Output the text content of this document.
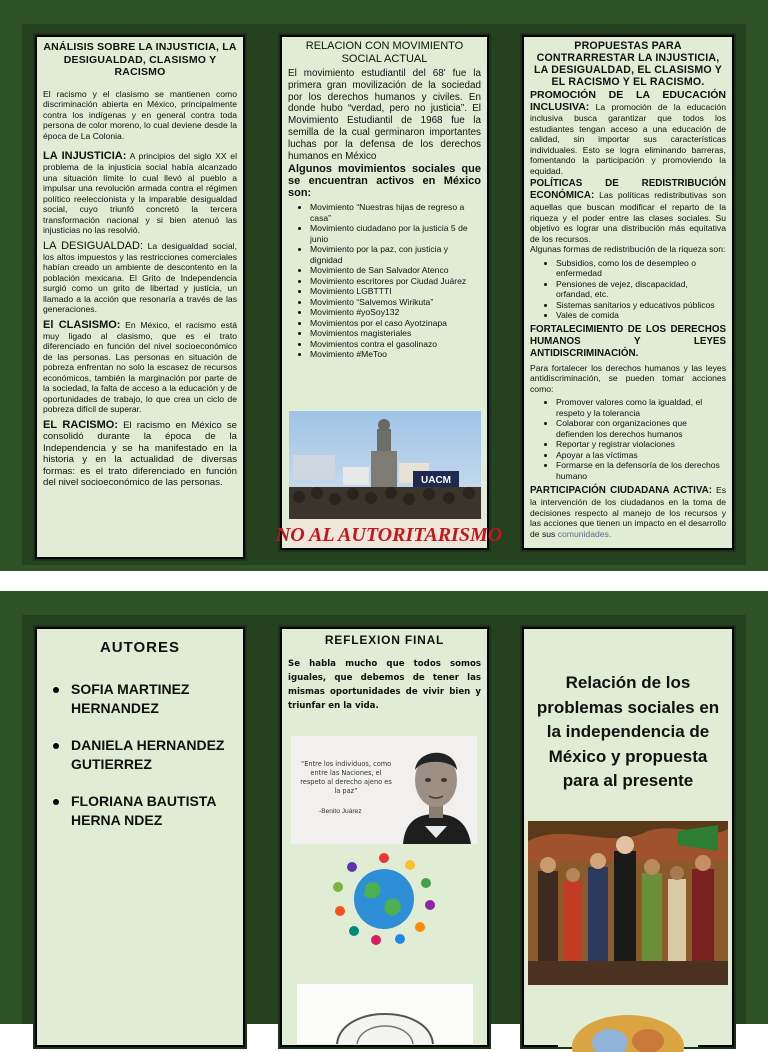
ANÁLISIS SOBRE LA INJUSTICIA, LA DESIGUALDAD, CLASISMO Y RACISMO

El racismo y el clasismo se mantienen como discriminación abierta en México, principalmente contra los indígenas y en general contra toda persona de color moreno, lo cual deviene desde la época de La Colonia.

LA INJUSTICIA: A principios del siglo XX el problema de la injusticia social había alcanzado una situación límite lo cual llevó al pueblo a impulsar una revolución armada contra el régimen político reeleccionista y la imparable desigualdad social, cuyo triunfó concretó la tercera transformación nacional y si bien atenuó las injusticias no las resolvió.

LA DESIGUALDAD: La desigualdad social, los altos impuestos y las restricciones comerciales habían creado un ambiente de descontento en la población mexicana. El Grito de Independencia surgió como un grito de libertad y justicia, un llamado a la acción que resonaría a través de las generaciones.

El CLASISMO: En México, el racismo está muy ligado al clasismo, que es el trato diferenciado en función del nivel socioeconómico de las personas. Las personas en situación de pobreza enfrentan no solo la escasez de recursos económicos, también la marginación por parte de la sociedad, la falta de acceso a la educación y de oportunidades de trabajo, lo que crea un ciclo de pobreza difícil de superar.

EL RACISMO: El racismo en México se consolidó durante la época de la Independencia y se ha manifestado en la historia y en la actualidad de diversas formas: es el trato diferenciado en función del nivel socioeconómico de las personas.

RELACION CON MOVIMIENTO SOCIAL ACTUAL

El movimiento estudiantil del 68' fue la primera gran movilización de la sociedad por los derechos humanos y civiles. En donde hubo “verdad, pero no justicia”. El Movimiento Estudiantil de 1968 fue la semilla de la cual germinaron importantes luchas por la defensa de los derechos humanos en México

Algunos movimientos sociales que se encuentran activos en México son:

• Movimiento “Nuestras hijas de regreso a casa”
• Movimiento ciudadano por la justicia 5 de junio
• Movimiento por la paz, con justicia y dignidad
• Movimiento de San Salvador Atenco
• Movimiento escritores por Ciudad Juárez
• Movimiento LGBTTTI
• Movimiento “Salvemos Wirikuta”
• Movimiento #yoSoy132
• Movimientos por el caso Ayotzinapa
• Movimientos magisteriales
• Movimientos contra el gasolinazo
• Movimiento #MeToo
UACM
NO AL AUTORITARISMO
PROPUESTAS PARA CONTRARRESTAR LA INJUSTICIA, LA DESIGUALDAD, EL CLASISMO Y EL RACISMO Y EL RACISMO.

PROMOCIÓN DE LA EDUCACIÓN INCLUSIVA: La promoción de la educación inclusiva busca garantizar que todos los estudiantes tengan acceso a una educación de calidad, sin importar sus características individuales. Esto se logra eliminando barreras, fomentando la participación y promoviendo la equidad.

POLÍTICAS DE REDISTRIBUCIÓN ECONÓMICA: Las políticas redistributivas son aquellas que buscan modificar el reparto de la riqueza y el poder entre las clases sociales. Su objetivo es lograr una distribución más equitativa de los recursos.

Algunas formas de redistribución de la riqueza son:

• Subsidios, como los de desempleo o enfermedad
• Pensiones de vejez, discapacidad, orfandad, etc.
• Sistemas sanitarios y educativos públicos
• Vales de comida

FORTALECIMIENTO DE LOS DERECHOS HUMANOS Y LEYES ANTIDISCRIMINACIÓN.

Para fortalecer los derechos humanos y las leyes antidiscriminación, se pueden tomar acciones como:

• Promover valores como la igualdad, el respeto y la tolerancia
• Colaborar con organizaciones que defienden los derechos humanos
• Reportar y registrar violaciones
• Apoyar a las víctimas
• Formarse en la defensoría de los derechos humano

PARTICIPACIÓN CIUDADANA ACTIVA: Es la intervención de los ciudadanos en la toma de decisiones respecto al manejo de los recursos y las acciones que tienen un impacto en el desarrollo de sus comunidades.

AUTORES
SOFIA MARTINEZ HERNANDEZ
DANIELA HERNANDEZ GUTIERREZ
FLORIANA BAUTISTA HERNA NDEZ
REFLEXION FINAL

Se habla mucho que todos somos iguales, que debemos de tener las mismas oportunidades de vivir bien y triunfar en la vida.

“Entre los individuos, como entre las Naciones, el respeto al derecho ajeno es la paz”
-Benito Juárez
Relación de los problemas sociales en la independencia de México y propuesta para al presente
